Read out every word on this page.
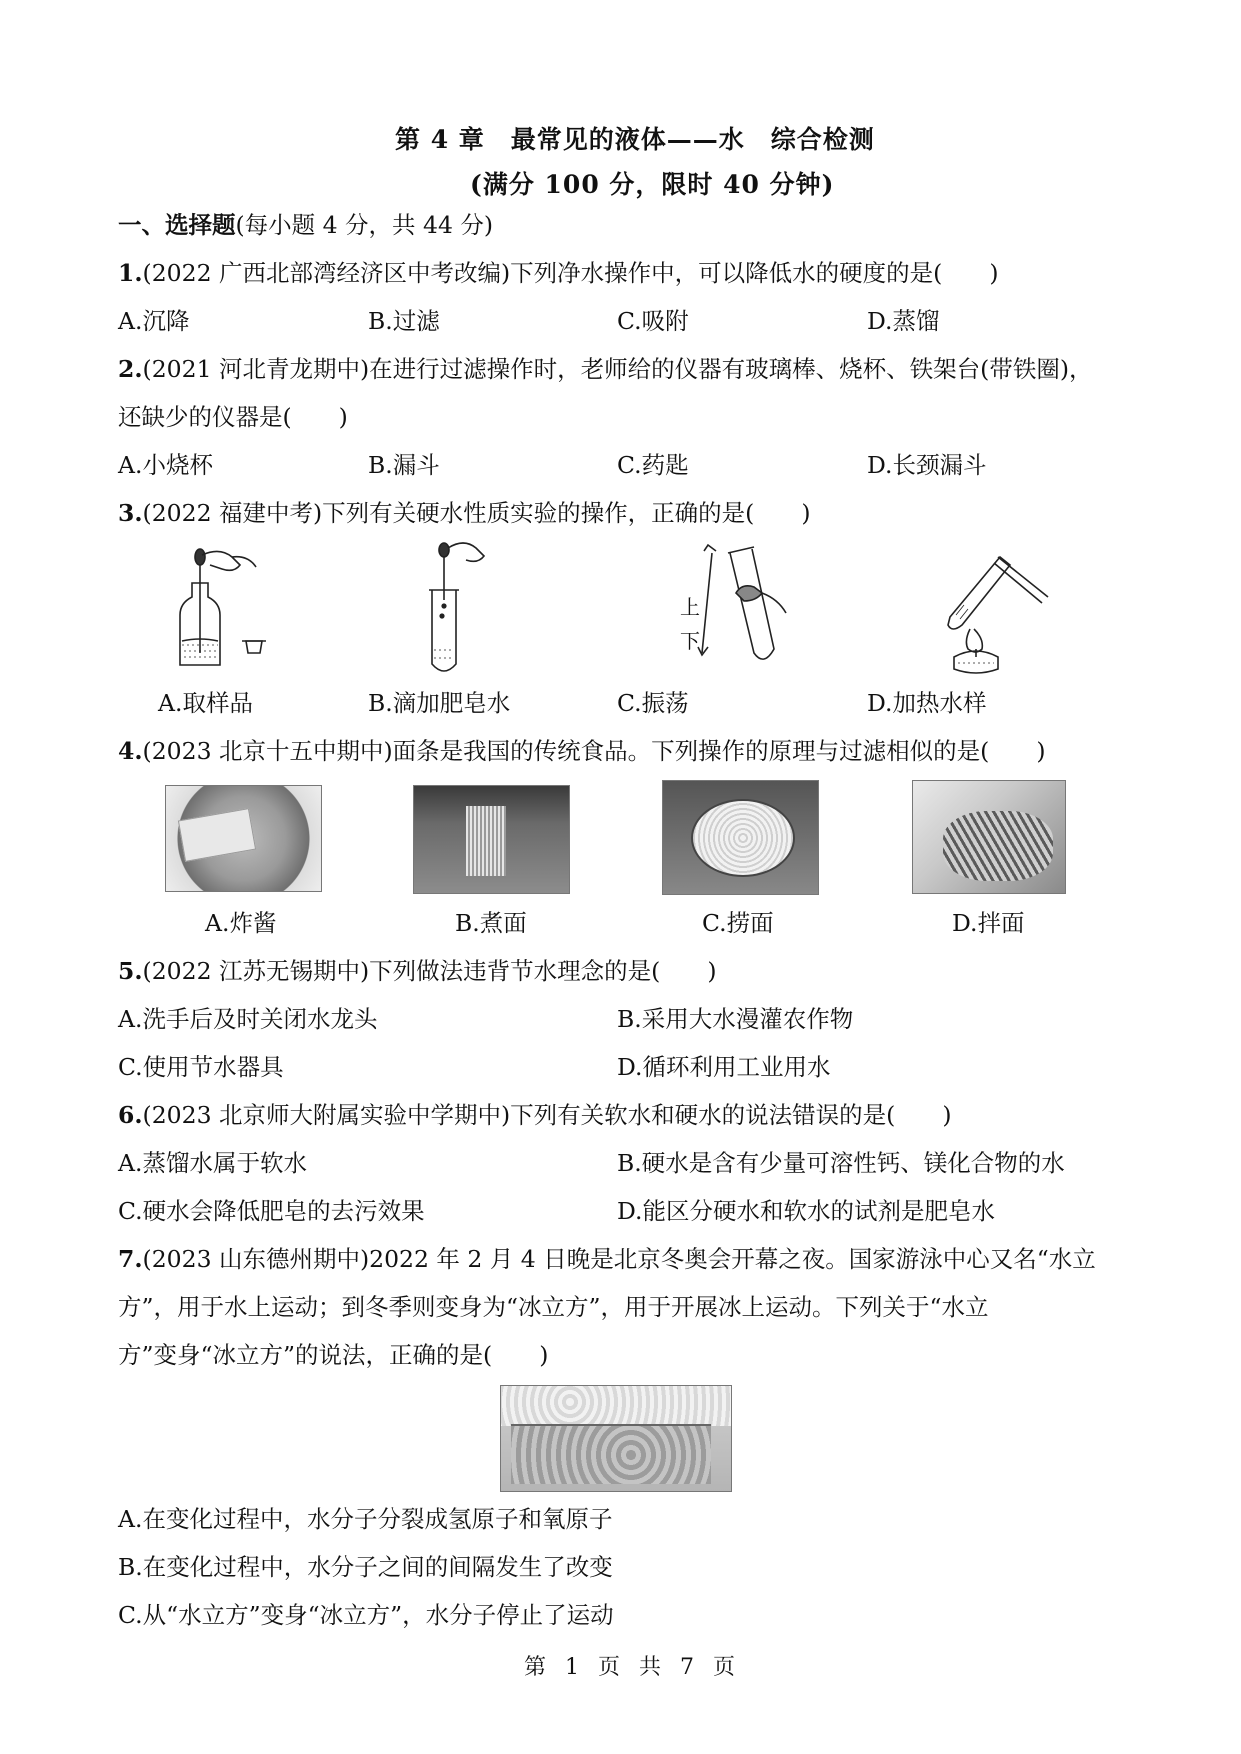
第 4 章　最常见的液体——水　综合检测
(满分 100 分，限时 40 分钟)
一、选择题(每小题 4 分，共 44 分)
1.(2022 广西北部湾经济区中考改编)下列净水操作中，可以降低水的硬度的是(　　)
A.沉降	B.过滤	C.吸附	D.蒸馏
2.(2021 河北青龙期中)在进行过滤操作时，老师给的仪器有玻璃棒、烧杯、铁架台(带铁圈)，
还缺少的仪器是(　　)
A.小烧杯	B.漏斗	C.药匙	D.长颈漏斗
3.(2022 福建中考)下列有关硬水性质实验的操作，正确的是(　　)
上
下
A.取样品	B.滴加肥皂水	C.振荡	D.加热水样
4.(2023 北京十五中期中)面条是我国的传统食品。下列操作的原理与过滤相似的是(　　)
A.炸酱	B.煮面	C.捞面	D.拌面
5.(2022 江苏无锡期中)下列做法违背节水理念的是(　　)
A.洗手后及时关闭水龙头	B.采用大水漫灌农作物
C.使用节水器具	D.循环利用工业用水
6.(2023 北京师大附属实验中学期中)下列有关软水和硬水的说法错误的是(　　)
A.蒸馏水属于软水	B.硬水是含有少量可溶性钙、镁化合物的水
C.硬水会降低肥皂的去污效果	D.能区分硬水和软水的试剂是肥皂水
7.(2023 山东德州期中)2022 年 2 月 4 日晚是北京冬奥会开幕之夜。国家游泳中心又名“水立
方”，用于水上运动；到冬季则变身为“冰立方”，用于开展冰上运动。下列关于“水立
方”变身“冰立方”的说法，正确的是(　　)
A.在变化过程中，水分子分裂成氢原子和氧原子
B.在变化过程中，水分子之间的间隔发生了改变
C.从“水立方”变身“冰立方”，水分子停止了运动
第 1 页 共 7 页
